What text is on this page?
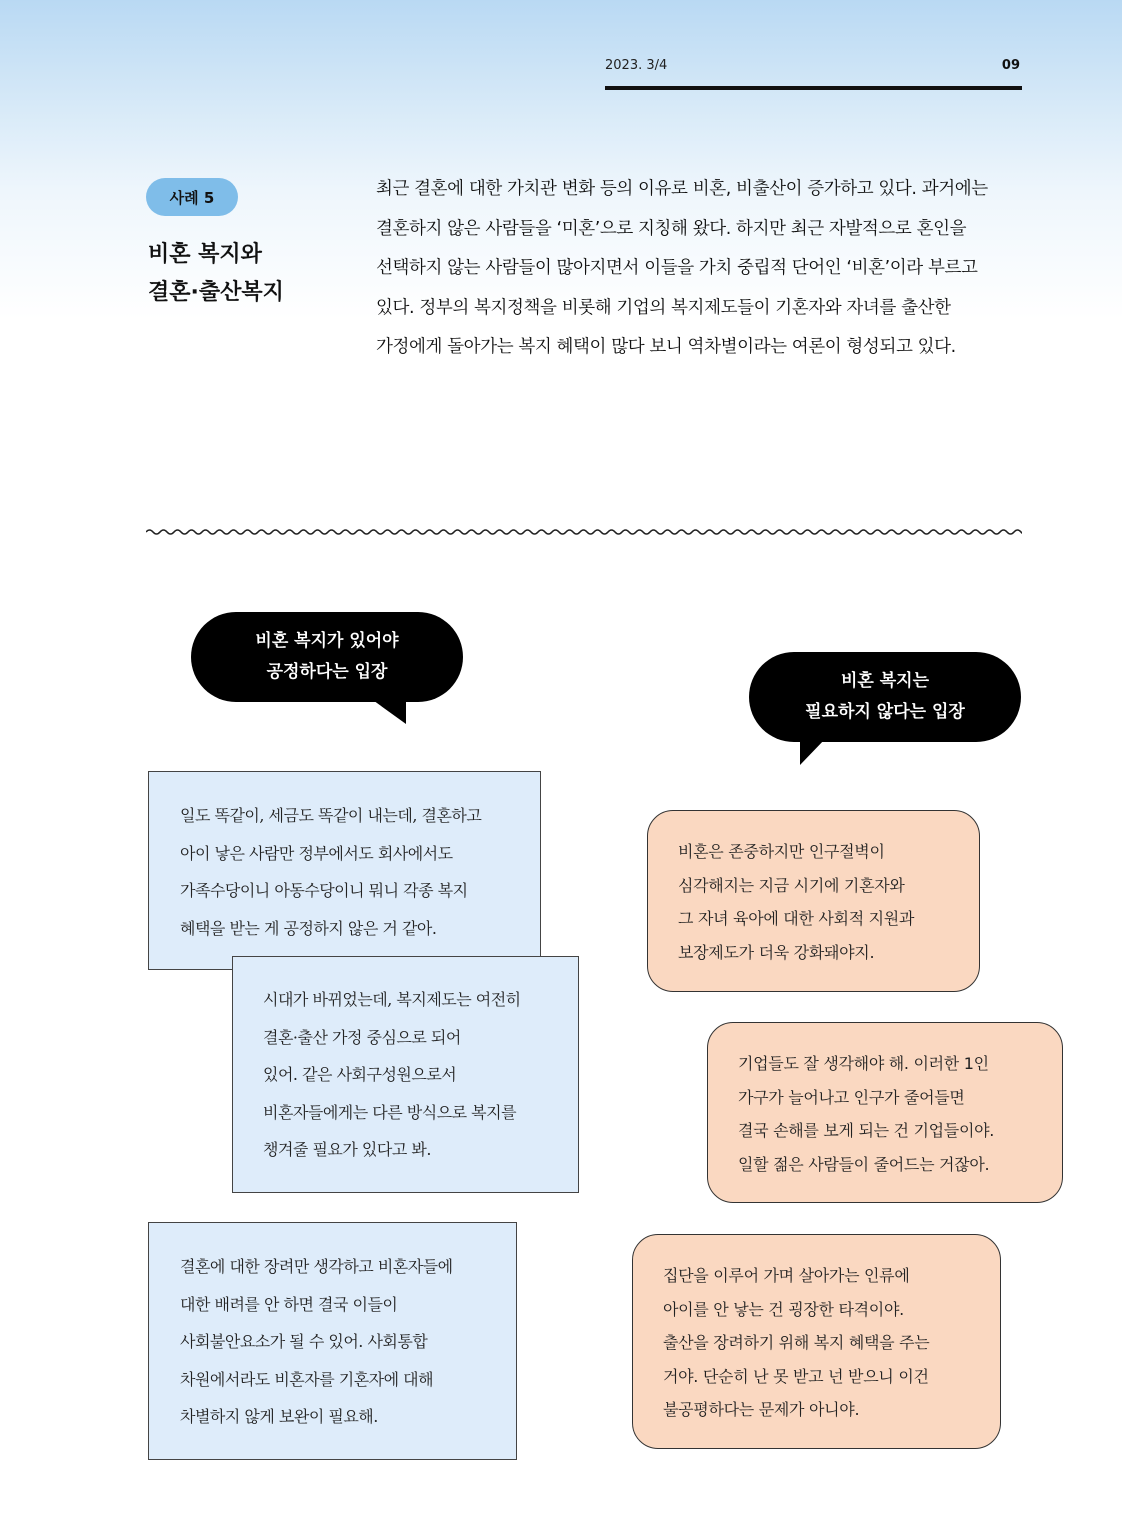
2023. 3/4	09
사례 5
비혼 복지와
결혼·출산복지
최근 결혼에 대한 가치관 변화 등의 이유로 비혼, 비출산이 증가하고 있다. 과거에는
결혼하지 않은 사람들을 ‘미혼’으로 지칭해 왔다. 하지만 최근 자발적으로 혼인을
선택하지 않는 사람들이 많아지면서 이들을 가치 중립적 단어인 ‘비혼’이라 부르고
있다. 정부의 복지정책을 비롯해 기업의 복지제도들이 기혼자와 자녀를 출산한
가정에게 돌아가는 복지 혜택이 많다 보니 역차별이라는 여론이 형성되고 있다.
비혼 복지가 있어야
공정하다는 입장	비혼 복지는
필요하지 않다는 입장
일도 똑같이, 세금도 똑같이 내는데, 결혼하고
아이 낳은 사람만 정부에서도 회사에서도
가족수당이니 아동수당이니 뭐니 각종 복지
혜택을 받는 게 공정하지 않은 거 같아.
시대가 바뀌었는데, 복지제도는 여전히
결혼·출산 가정 중심으로 되어
있어. 같은 사회구성원으로서
비혼자들에게는 다른 방식으로 복지를
챙겨줄 필요가 있다고 봐.
결혼에 대한 장려만 생각하고 비혼자들에
대한 배려를 안 하면 결국 이들이
사회불안요소가 될 수 있어. 사회통합
차원에서라도 비혼자를 기혼자에 대해
차별하지 않게 보완이 필요해.
비혼은 존중하지만 인구절벽이
심각해지는 지금 시기에 기혼자와
그 자녀 육아에 대한 사회적 지원과
보장제도가 더욱 강화돼야지.
기업들도 잘 생각해야 해. 이러한 1인
가구가 늘어나고 인구가 줄어들면
결국 손해를 보게 되는 건 기업들이야.
일할 젊은 사람들이 줄어드는 거잖아.
집단을 이루어 가며 살아가는 인류에
아이를 안 낳는 건 굉장한 타격이야.
출산을 장려하기 위해 복지 혜택을 주는
거야. 단순히 난 못 받고 넌 받으니 이건
불공평하다는 문제가 아니야.
